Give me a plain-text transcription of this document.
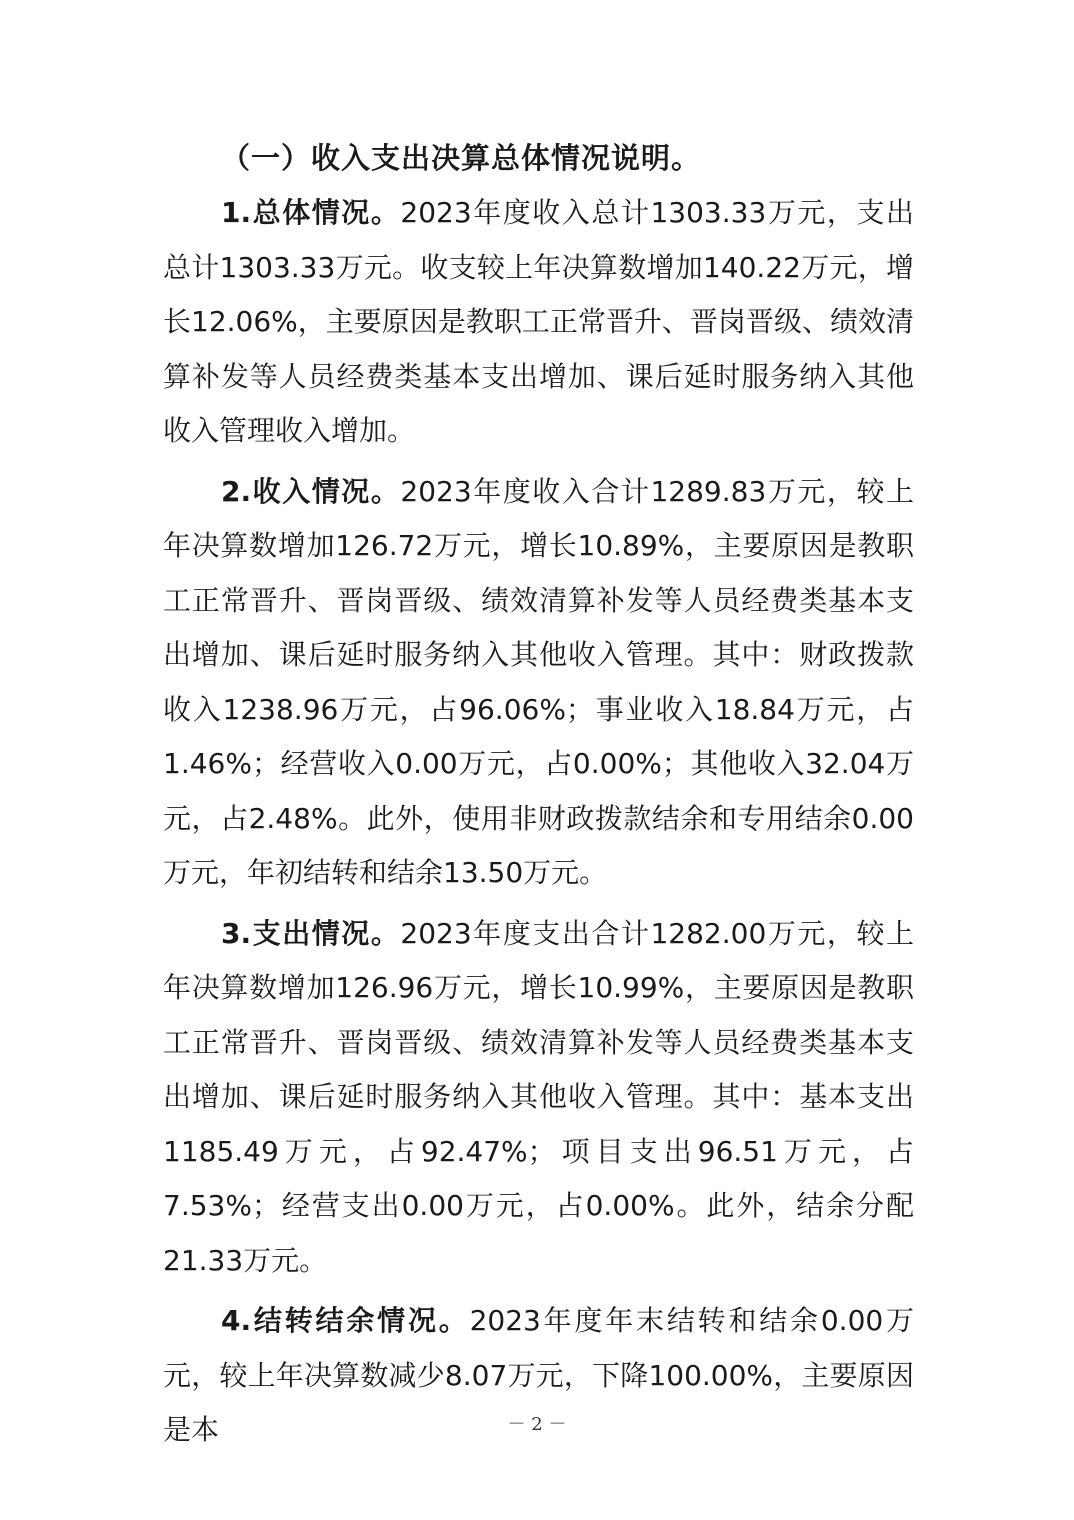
（一）收入支出决算总体情况说明。

1.总体情况。2023年度收入总计1303.33万元，支出总计1303.33万元。收支较上年决算数增加140.22万元，增长12.06%，主要原因是教职工正常晋升、晋岗晋级、绩效清算补发等人员经费类基本支出增加、课后延时服务纳入其他收入管理收入增加。

2.收入情况。2023年度收入合计1289.83万元，较上年决算数增加126.72万元，增长10.89%，主要原因是教职工正常晋升、晋岗晋级、绩效清算补发等人员经费类基本支出增加、课后延时服务纳入其他收入管理。其中：财政拨款收入1238.96万元，占96.06%；事业收入18.84万元，占1.46%；经营收入0.00万元，占0.00%；其他收入32.04万元，占2.48%。此外，使用非财政拨款结余和专用结余0.00万元，年初结转和结余13.50万元。

3.支出情况。2023年度支出合计1282.00万元，较上年决算数增加126.96万元，增长10.99%，主要原因是教职工正常晋升、晋岗晋级、绩效清算补发等人员经费类基本支出增加、课后延时服务纳入其他收入管理。其中：基本支出1185.49万元，占92.47%；项目支出96.51万元，占7.53%；经营支出0.00万元，占0.00%。此外，结余分配21.33万元。

4.结转结余情况。2023年度年末结转和结余0.00万元，较上年决算数减少8.07万元，下降100.00%，主要原因是本	－ 2 －
